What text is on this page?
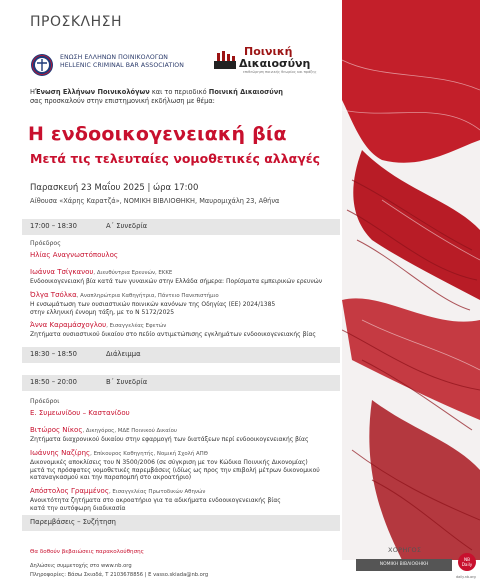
ΠΡΟΣΚΛΗΣΗ
ΕΝΩΣΗ ΕΛΛΗΝΩΝ ΠΟΙΝΙΚΟΛΟΓΩΝ
HELLENIC CRIMINAL BAR ASSOCIATION
Ποινική
Δικαιοσύνη
επιθεώρηση ποινικής θεωρίας και πράξης
ΗΈνωση Ελλήνων Ποινικολόγων και το περιοδικό Ποινική Δικαιοσύνη
σας προσκαλούν στην επιστημονική εκδήλωση με θέμα:
Η ενδοοικογενειακή βία
Μετά τις τελευταίες νομοθετικές αλλαγές
Παρασκευή 23 Μαΐου 2025 | ώρα 17:00
Αίθουσα «Χάρης Καρατζά», ΝΟΜΙΚΗ ΒΙΒΛΙΟΘΗΚΗ, Μαυρομιχάλη 23, Αθήνα
17:00 – 18:30	Α΄ Συνεδρία
Πρόεδρος
Ηλίας Αναγνωστόπουλος
Ιωάννα Τσίγκανου, Διευθύντρια Ερευνών, ΕΚΚΕ
Ενδοοικογενειακή βία κατά των γυναικών στην Ελλάδα σήμερα: Πορίσματα εμπειρικών ερευνών
Όλγα Τσόλκα, Αναπληρώτρια Καθηγήτρια, Πάντειο Πανεπιστήμιο
Η ενσωμάτωση των ουσιαστικών ποινικών κανόνων της Οδηγίας (ΕΕ) 2024/1385
στην ελληνική έννομη τάξη, με το Ν 5172/2025
Άννα Καραμάσχογλου, Εισαγγελέας Εφετών
Ζητήματα ουσιαστικού δικαίου στο πεδίο αντιμετώπισης εγκλημάτων ενδοοικογενειακής βίας
18:30 – 18:50	Διάλειμμα
18:50 – 20:00	Β΄ Συνεδρία
Πρόεδροι
Ε. Συμεωνίδου – Καστανίδου
Βιτώρος Νίκος, Δικηγόρος, ΜΔΕ Ποινικού Δικαίου
Ζητήματα διαχρονικού δικαίου στην εφαρμογή των διατάξεων περί ενδοοικογενειακής βίας
Ιωάννης Ναζίρης, Επίκουρος Καθηγητής, Νομική Σχολή ΑΠΘ
Δικονομικές αποκλίσεις του Ν 3500/2006 (σε σύγκριση με τον Κώδικα Ποινικής Δικονομίας)
μετά τις πρόσφατες νομοθετικές παρεμβάσεις (ιδίως ως προς την επιβολή μέτρων δικονομικού
καταναγκασμού και την παραπομπή στο ακροατήριο)
Απόστολος Γραμμένος, Εισαγγελέας Πρωτοδικών Αθηνών
Ανοικτότητα ζητήματα στο ακροατήριο για τα αδικήματα ενδοοικογενειακής βίας
κατά την αυτόφωρη διαδικασία
Παρεμβάσεις – Συζήτηση
Θα δοθούν βεβαιώσεις παρακολούθησης
Δηλώσεις συμμετοχής στο www.nb.org
Πληροφορίες: Βάσω Σκιαδά, Τ 2103678856 | Ε vasso.skiada@nb.org
ΧΟΡΗΓΟΣ
ΝΟΜΙΚΗ ΒΙΒΛΙΟΘΗΚΗ
NB
Daily
daily.nb.org
